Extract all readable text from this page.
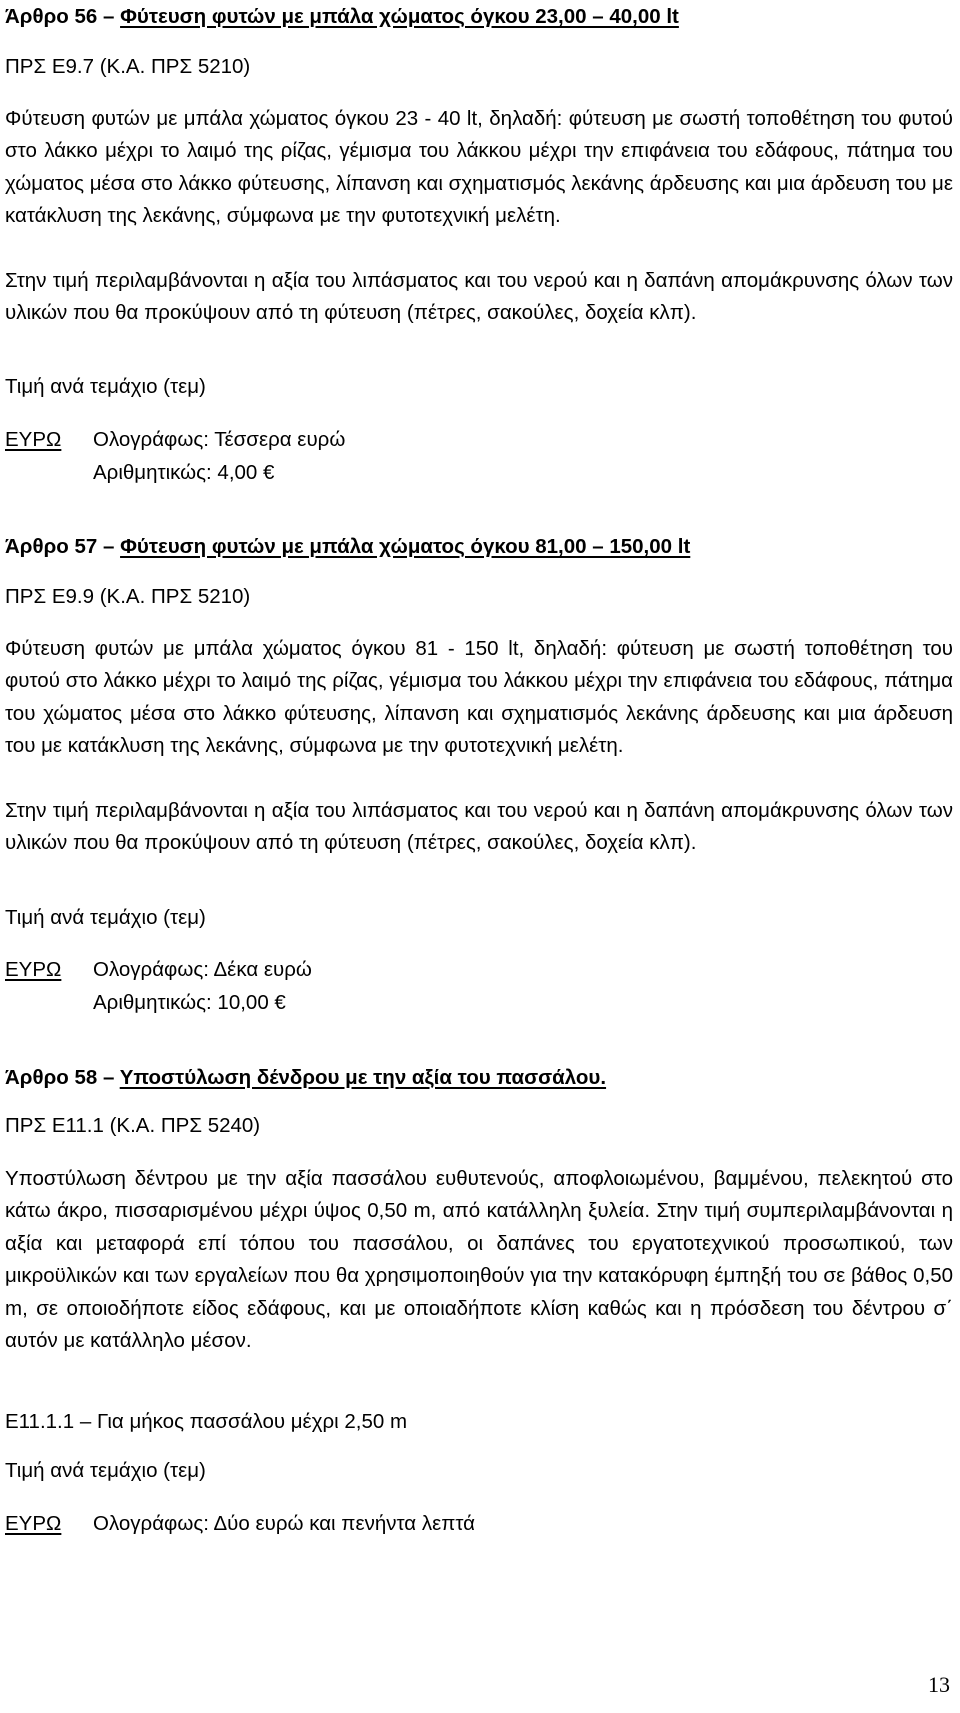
Άρθρο 56 – Φύτευση φυτών με μπάλα χώματος όγκου 23,00 – 40,00 lt
ΠΡΣ Ε9.7 (Κ.Α. ΠΡΣ 5210)
Φύτευση φυτών με μπάλα χώματος όγκου 23 - 40 lt, δηλαδή: φύτευση με σωστή τοποθέτηση του φυτού στο λάκκο μέχρι το λαιμό της ρίζας, γέμισμα του λάκκου μέχρι την επιφάνεια του εδάφους, πάτημα του χώματος μέσα στο λάκκο φύτευσης, λίπανση και σχηματισμός λεκάνης άρδευσης και μια άρδευση του με κατάκλυση της λεκάνης, σύμφωνα με την φυτοτεχνική μελέτη.
Στην τιμή περιλαμβάνονται η αξία του λιπάσματος και του νερού και η δαπάνη απομάκρυνσης όλων των υλικών που θα προκύψουν από τη φύτευση (πέτρες, σακούλες, δοχεία κλπ).
Τιμή ανά τεμάχιο (τεμ)
ΕΥΡΩ Ολογράφως: Τέσσερα ευρώ
Αριθμητικώς: 4,00 €
Άρθρο 57 – Φύτευση φυτών με μπάλα χώματος όγκου 81,00 – 150,00 lt
ΠΡΣ Ε9.9 (Κ.Α. ΠΡΣ 5210)
Φύτευση φυτών με μπάλα χώματος όγκου 81 - 150 lt, δηλαδή: φύτευση με σωστή τοποθέτηση του φυτού στο λάκκο μέχρι το λαιμό της ρίζας, γέμισμα του λάκκου μέχρι την επιφάνεια του εδάφους, πάτημα του χώματος μέσα στο λάκκο φύτευσης, λίπανση και σχηματισμός λεκάνης άρδευσης και μια άρδευση του με κατάκλυση της λεκάνης, σύμφωνα με την φυτοτεχνική μελέτη.
Στην τιμή περιλαμβάνονται η αξία του λιπάσματος και του νερού και η δαπάνη απομάκρυνσης όλων των υλικών που θα προκύψουν από τη φύτευση (πέτρες, σακούλες, δοχεία κλπ).
Τιμή ανά τεμάχιο (τεμ)
ΕΥΡΩ Ολογράφως: Δέκα ευρώ
Αριθμητικώς: 10,00 €
Άρθρο 58 – Υποστύλωση δένδρου με την αξία του πασσάλου.
ΠΡΣ Ε11.1 (Κ.Α. ΠΡΣ 5240)
Υποστύλωση δέντρου με την αξία πασσάλου ευθυτενούς, αποφλοιωμένου, βαμμένου, πελεκητού στο κάτω άκρο, πισσαρισμένου μέχρι ύψος 0,50 m, από κατάλληλη ξυλεία. Στην τιμή συμπεριλαμβάνονται η αξία και μεταφορά επί τόπου του πασσάλου, οι δαπάνες του εργατοτεχνικού προσωπικού, των μικροϋλικών και των εργαλείων που θα χρησιμοποιηθούν για την κατακόρυφη έμπηξή του σε βάθος 0,50 m, σε οποιοδήποτε είδος εδάφους, και με οποιαδήποτε κλίση καθώς και η πρόσδεση του δέντρου σ΄ αυτόν με κατάλληλο μέσον.
Ε11.1.1 – Για μήκος πασσάλου μέχρι 2,50 m
Τιμή ανά τεμάχιο (τεμ)
ΕΥΡΩ Ολογράφως: Δύο ευρώ και πενήντα λεπτά
13
